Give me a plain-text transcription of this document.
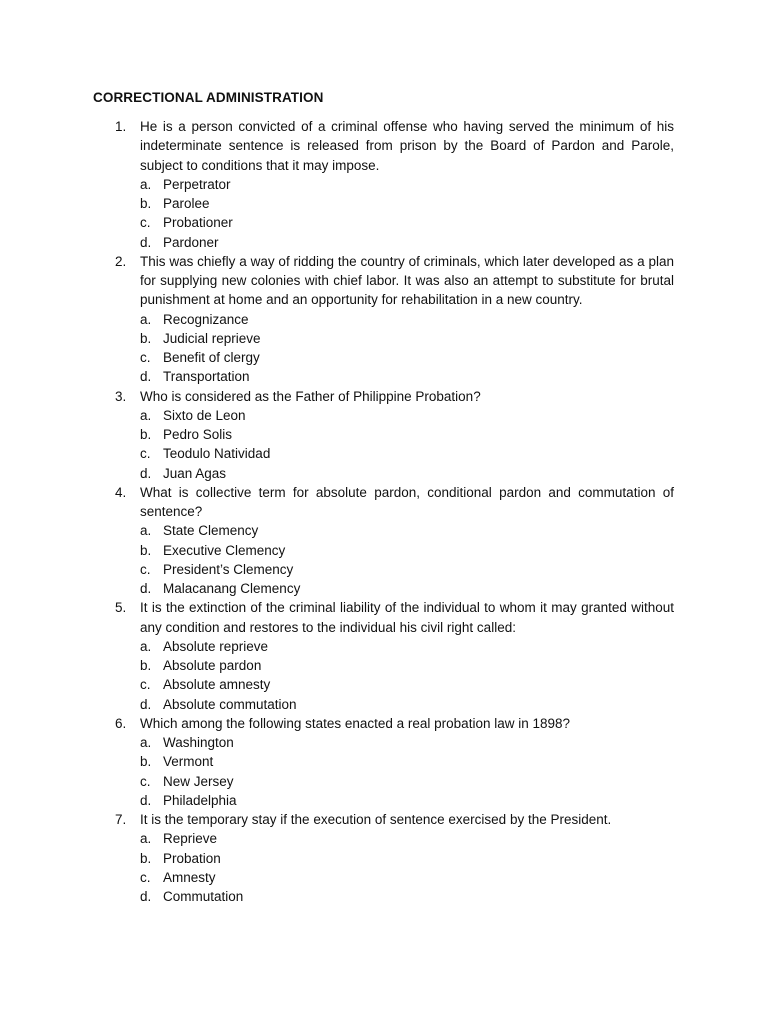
CORRECTIONAL ADMINISTRATION
1. He is a person convicted of a criminal offense who having served the minimum of his indeterminate sentence is released from prison by the Board of Pardon and Parole, subject to conditions that it may impose.
a. Perpetrator
b. Parolee
c. Probationer
d. Pardoner
2. This was chiefly a way of ridding the country of criminals, which later developed as a plan for supplying new colonies with chief labor. It was also an attempt to substitute for brutal punishment at home and an opportunity for rehabilitation in a new country.
a. Recognizance
b. Judicial reprieve
c. Benefit of clergy
d. Transportation
3. Who is considered as the Father of Philippine Probation?
a. Sixto de Leon
b. Pedro Solis
c. Teodulo Natividad
d. Juan Agas
4. What is collective term for absolute pardon, conditional pardon and commutation of sentence?
a. State Clemency
b. Executive Clemency
c. President’s Clemency
d. Malacanang Clemency
5. It is the extinction of the criminal liability of the individual to whom it may granted without any condition and restores to the individual his civil right called:
a. Absolute reprieve
b. Absolute pardon
c. Absolute amnesty
d. Absolute commutation
6. Which among the following states enacted a real probation law in 1898?
a. Washington
b. Vermont
c. New Jersey
d. Philadelphia
7. It is the temporary stay if the execution of sentence exercised by the President.
a. Reprieve
b. Probation
c. Amnesty
d. Commutation
